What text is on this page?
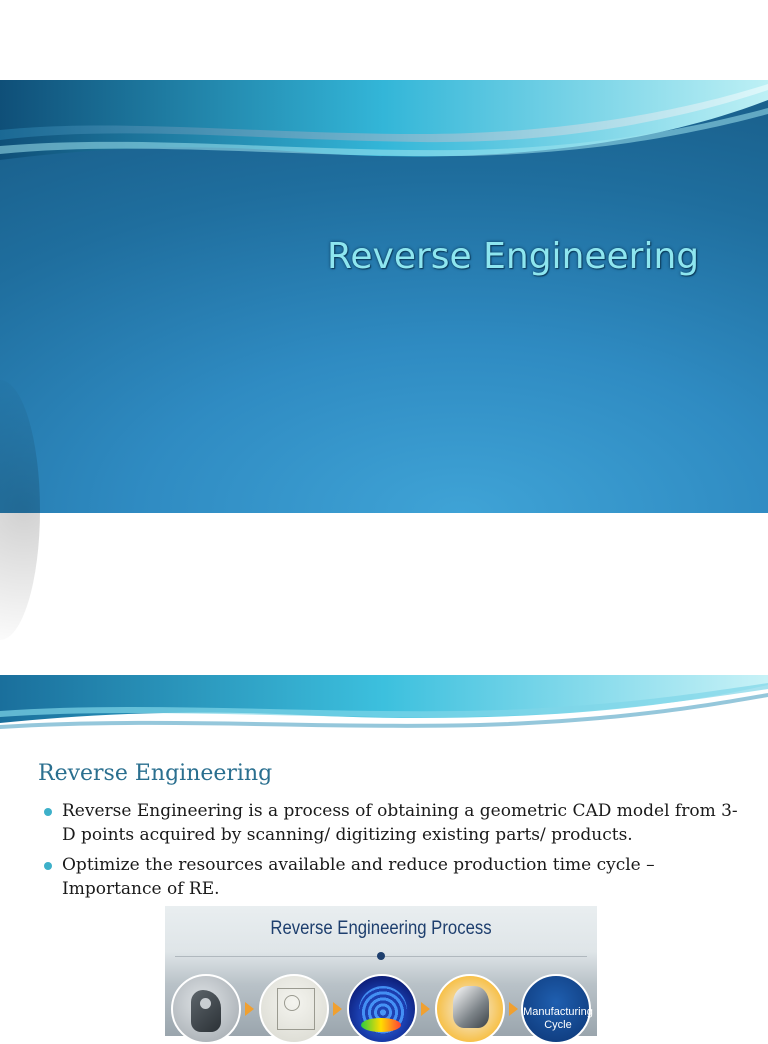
Reverse Engineering
Reverse Engineering
Reverse Engineering is a process of obtaining a geometric CAD model from 3-D points acquired by scanning/ digitizing existing parts/ products.
Optimize the resources available and reduce production time cycle – Importance of RE.
Reverse Engineering Process
Manufacturing Cycle
